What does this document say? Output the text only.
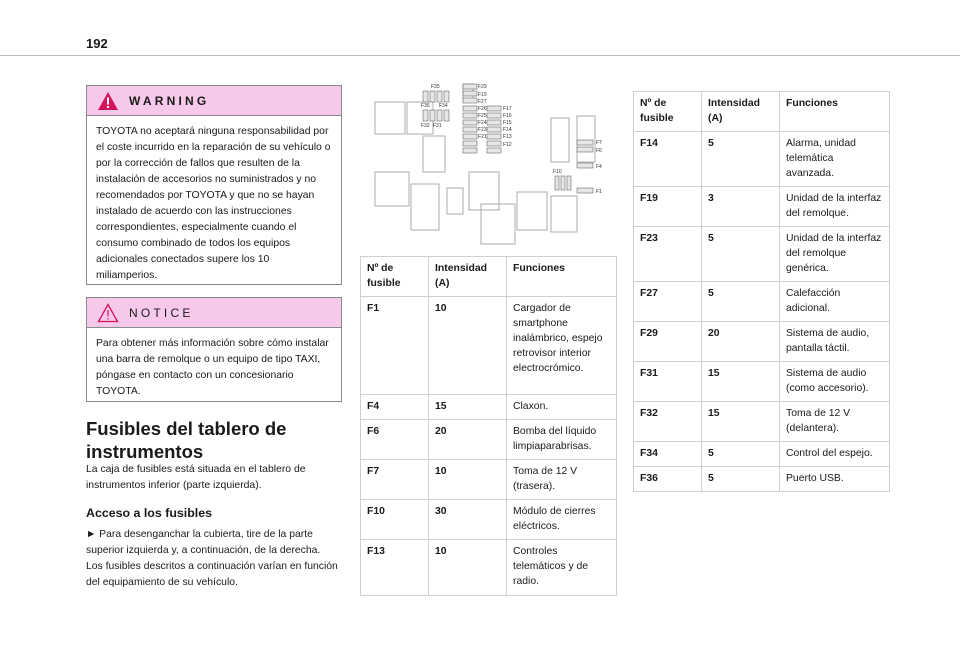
192
WARNING
TOYOTA no aceptará ninguna responsabilidad por el coste incurrido en la reparación de su vehículo o por la corrección de fallos que resulten de la instalación de accesorios no suministrados y no recomendados por TOYOTA y que no se hayan instalado de acuerdo con las instrucciones correspondientes, especialmente cuando el consumo combinado de todos los equipos adicionales conectados supere los 10 miliamperios.
NOTICE
Para obtener más información sobre cómo instalar una barra de remolque o un equipo de tipo TAXI, póngase en contacto con un concesionario TOYOTA.
Fusibles del tablero de instrumentos
La caja de fusibles está situada en el tablero de instrumentos inferior (parte izquierda).
Acceso a los fusibles
► Para desenganchar la cubierta, tire de la parte superior izquierda y, a continuación, de la derecha.
Los fusibles descritos a continuación varían en función del equipamiento de su vehículo.
F35
F36 F34
F32 F31
F29
F19
F27
F17
F26
F16
F25
F15
F24
F14
F23
F13
F21
F12	F7
F6
F10
F4
F1
Nº de fusible	Intensidad (A)	Funciones
F1	10	Cargador de smartphone inalámbrico, espejo retrovisor interior electrocrómico.
F4	15	Claxon.
F6	20	Bomba del líquido limpiaparabrisas.
F7	10	Toma de 12 V (trasera).
F10	30	Módulo de cierres eléctricos.
F13	10	Controles telemáticos y de radio.
Nº de fusible	Intensidad (A)	Funciones
F14	5	Alarma, unidad telemática avanzada.
F19	3	Unidad de la interfaz del remolque.
F23	5	Unidad de la interfaz del remolque genérica.
F27	5	Calefacción adicional.
F29	20	Sistema de audio, pantalla táctil.
F31	15	Sistema de audio (como accesorio).
F32	15	Toma de 12 V (delantera).
F34	5	Control del espejo.
F36	5	Puerto USB.
